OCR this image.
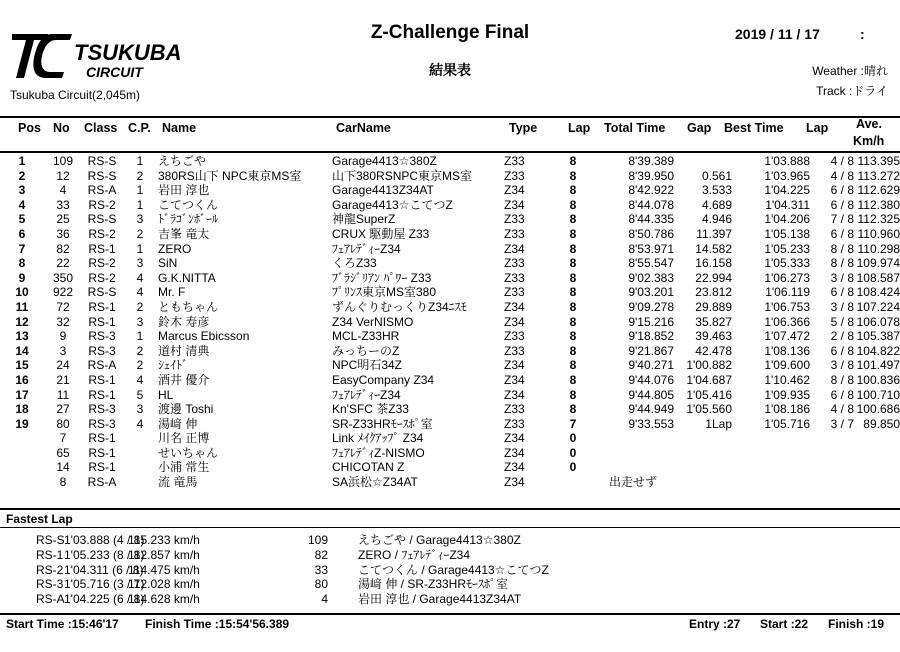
TSUKUBA
CIRCUIT
Tsukuba Circuit(2,045m)
Z-Challenge Final
結果表
2019 / 11 / 17	:
Weather :晴れ
Track :ドライ
Pos No Class C.P. Name	CarName	Type Lap Total Time Gap Best Time Lap Ave.
Km/h
1	109	RS-S	1	えちごや	Garage4413☆380Z	Z33	8	8'39.389		1'03.888	4 / 8	113.395
2	12	RS-S	2	380RS山下 NPC東京MS室	山下380RSNPC東京MS室	Z33	8	8'39.950	0.561	1'03.965	4 / 8	113.272
3	4	RS-A	1	岩田 淳也	Garage4413Z34AT	Z34	8	8'42.922	3.533	1'04.225	6 / 8	112.629
4	33	RS-2	1	こてつくん	Garage4413☆こてつZ	Z34	8	8'44.078	4.689	1'04.311	6 / 8	112.380
5	25	RS-S	3	ﾄﾞﾗｺﾞﾝﾎﾞｰﾙ	神龍SuperZ	Z33	8	8'44.335	4.946	1'04.206	7 / 8	112.325
6	36	RS-2	2	吉峯 竜太	CRUX 駆動屋 Z33	Z33	8	8'50.786	11.397	1'05.138	6 / 8	110.960
7	82	RS-1	1	ZERO	ﾌｪｱﾚﾃﾞｨｰZ34	Z34	8	8'53.971	14.582	1'05.233	8 / 8	110.298
8	22	RS-2	3	SiN	くろZ33	Z33	8	8'55.547	16.158	1'05.333	8 / 8	109.974
9	350	RS-2	4	G.K.NITTA	ﾌﾞﾗｼﾞﾘｱﾝ ﾊﾟﾜｰ Z33	Z33	8	9'02.383	22.994	1'06.273	3 / 8	108.587
10	922	RS-S	4	Mr. F	ﾌﾟﾘﾝｽ東京MS室380	Z33	8	9'03.201	23.812	1'06.119	6 / 8	108.424
11	72	RS-1	2	ともちゃん	ずんぐりむっくりZ34ﾆｽﾓ	Z34	8	9'09.278	29.889	1'06.753	3 / 8	107.224
12	32	RS-1	3	鈴木 寿彦	Z34 VerNISMO	Z34	8	9'15.216	35.827	1'06.366	5 / 8	106.078
13	9	RS-3	1	Marcus Ebicsson	MCL-Z33HR	Z33	8	9'18.852	39.463	1'07.472	2 / 8	105.387
14	3	RS-3	2	道村 清典	みっちーのZ	Z33	8	9'21.867	42.478	1'08.136	6 / 8	104.822
15	24	RS-A	2	ｼｪｲﾄﾞ	NPC明石34Z	Z34	8	9'40.271	1'00.882	1'09.600	3 / 8	101.497
16	21	RS-1	4	酒井 優介	EasyCompany Z34	Z34	8	9'44.076	1'04.687	1'10.462	8 / 8	100.836
17	11	RS-1	5	HL	ﾌｪｱﾚﾃﾞｨｰZ34	Z34	8	9'44.805	1'05.416	1'09.935	6 / 8	100.710
18	27	RS-3	3	渡邊 Toshi	Kn'SFC 茶Z33	Z33	8	9'44.949	1'05.560	1'08.186	4 / 8	100.686
19	80	RS-3	4	湯﨑 伸	SR-Z33HRﾓｰｽﾎﾟ室	Z33	7	9'33.553	1Lap	1'05.716	3 / 7	89.850
	7	RS-1		川名 正博	Link ﾒｲｸｱｯﾌﾟ Z34	Z34	0					
	65	RS-1		せいちゃん	ﾌｪｱﾚﾃﾞｨZ-NISMO	Z34	0					
	14	RS-1		小浦 常生	CHICOTAN Z	Z34	0					
	8	RS-A		流 竜馬	SA浜松☆Z34AT	Z34		出走せず				
Fastest Lap
RS-S	1'03.888 (4 / 8)	115.233 km/h	109		えちごや / Garage4413☆380Z
RS-1	1'05.233 (8 / 8)	112.857 km/h	82		ZERO / ﾌｪｱﾚﾃﾞｨｰZ34
RS-2	1'04.311 (6 / 8)	114.475 km/h	33		こてつくん / Garage4413☆こてつZ
RS-3	1'05.716 (3 / 7)	112.028 km/h	80		湯﨑 伸 / SR-Z33HRﾓｰｽﾎﾟ室
RS-A	1'04.225 (6 / 8)	114.628 km/h	4		岩田 淳也 / Garage4413Z34AT
Start Time :15:46'17 Finish Time :15:54'56.389	Entry :27 Start :22 Finish :19
